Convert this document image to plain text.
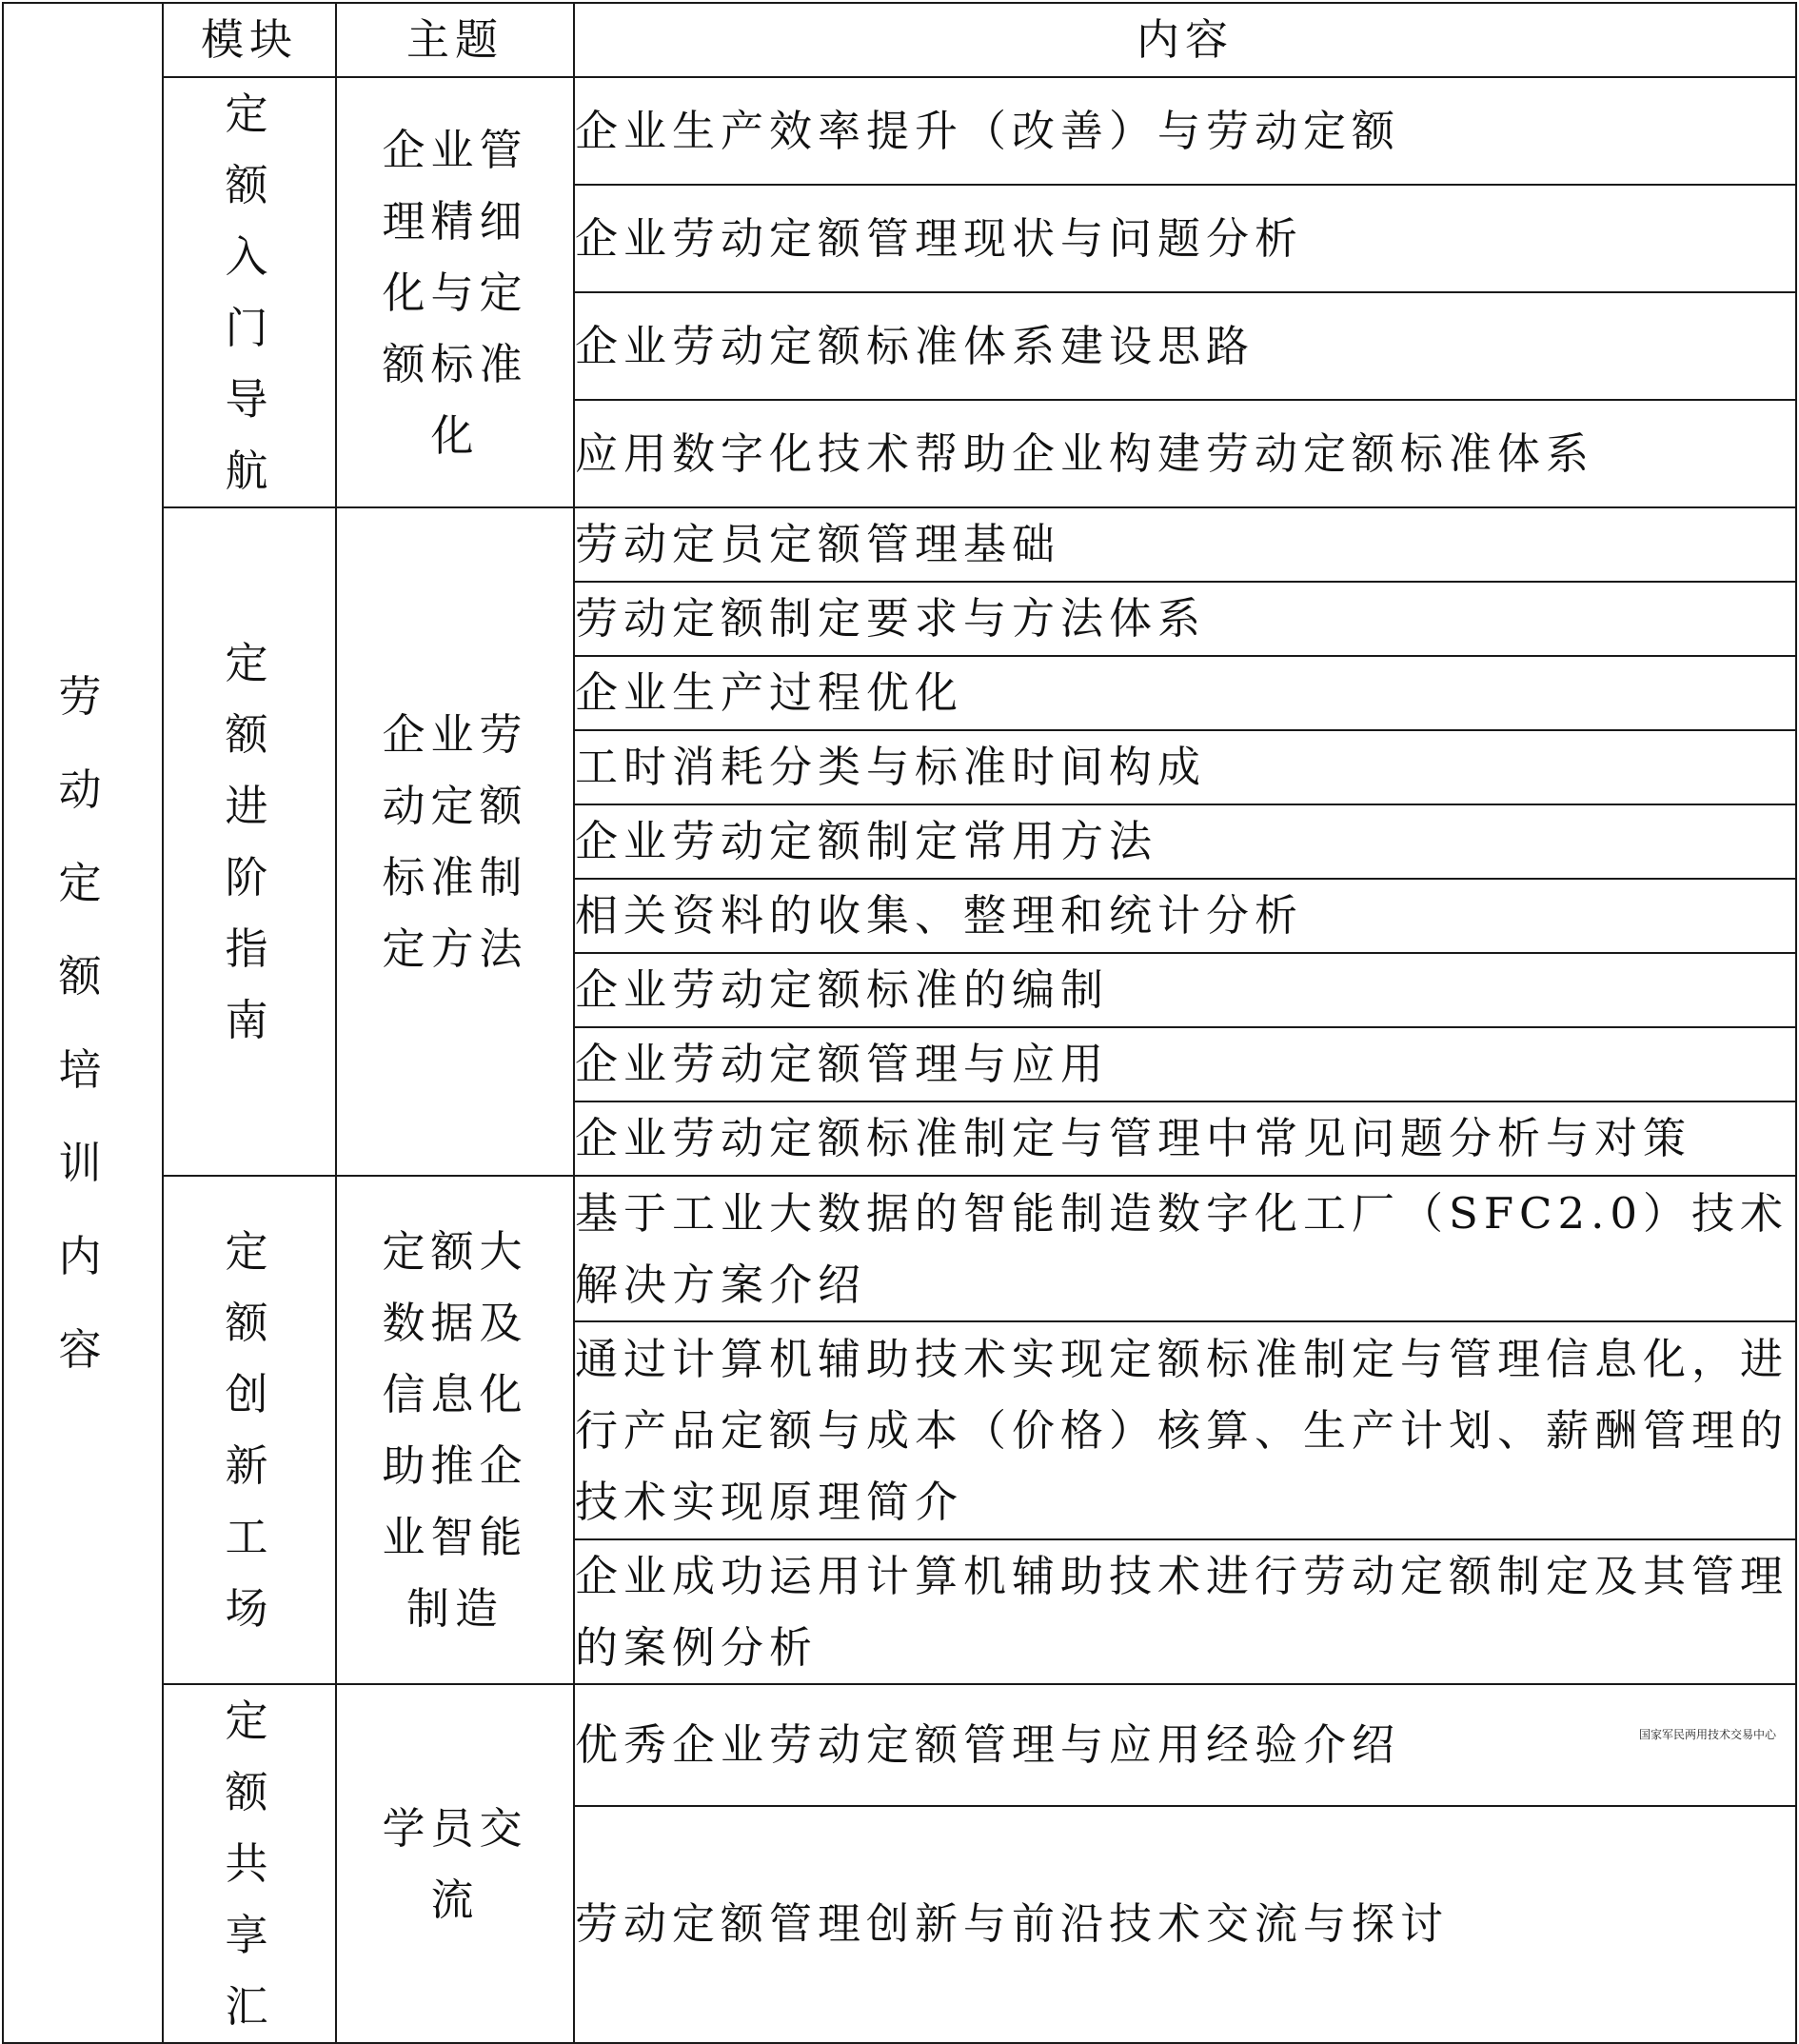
劳动定额培训内容	模块	主题	内容
	定额入门导航	企业管理精细化与定额标准化	企业生产效率提升（改善）与劳动定额
			企业劳动定额管理现状与问题分析
			企业劳动定额标准体系建设思路
			应用数字化技术帮助企业构建劳动定额标准体系
	定额进阶指南	企业劳动定额标准制定方法	劳动定员定额管理基础
			劳动定额制定要求与方法体系
			企业生产过程优化
			工时消耗分类与标准时间构成
			企业劳动定额制定常用方法
			相关资料的收集、整理和统计分析
			企业劳动定额标准的编制
			企业劳动定额管理与应用
			企业劳动定额标准制定与管理中常见问题分析与对策
	定额创新工场	定额大数据及信息化助推企业智能制造	基于工业大数据的智能制造数字化工厂（SFC2.0）技术解决方案介绍
			通过计算机辅助技术实现定额标准制定与管理信息化，进行产品定额与成本（价格）核算、生产计划、薪酬管理的技术实现原理简介
			企业成功运用计算机辅助技术进行劳动定额制定及其管理的案例分析
	定额共享汇	学员交流	优秀企业劳动定额管理与应用经验介绍
			劳动定额管理创新与前沿技术交流与探讨
国家军民两用技术交易中心
